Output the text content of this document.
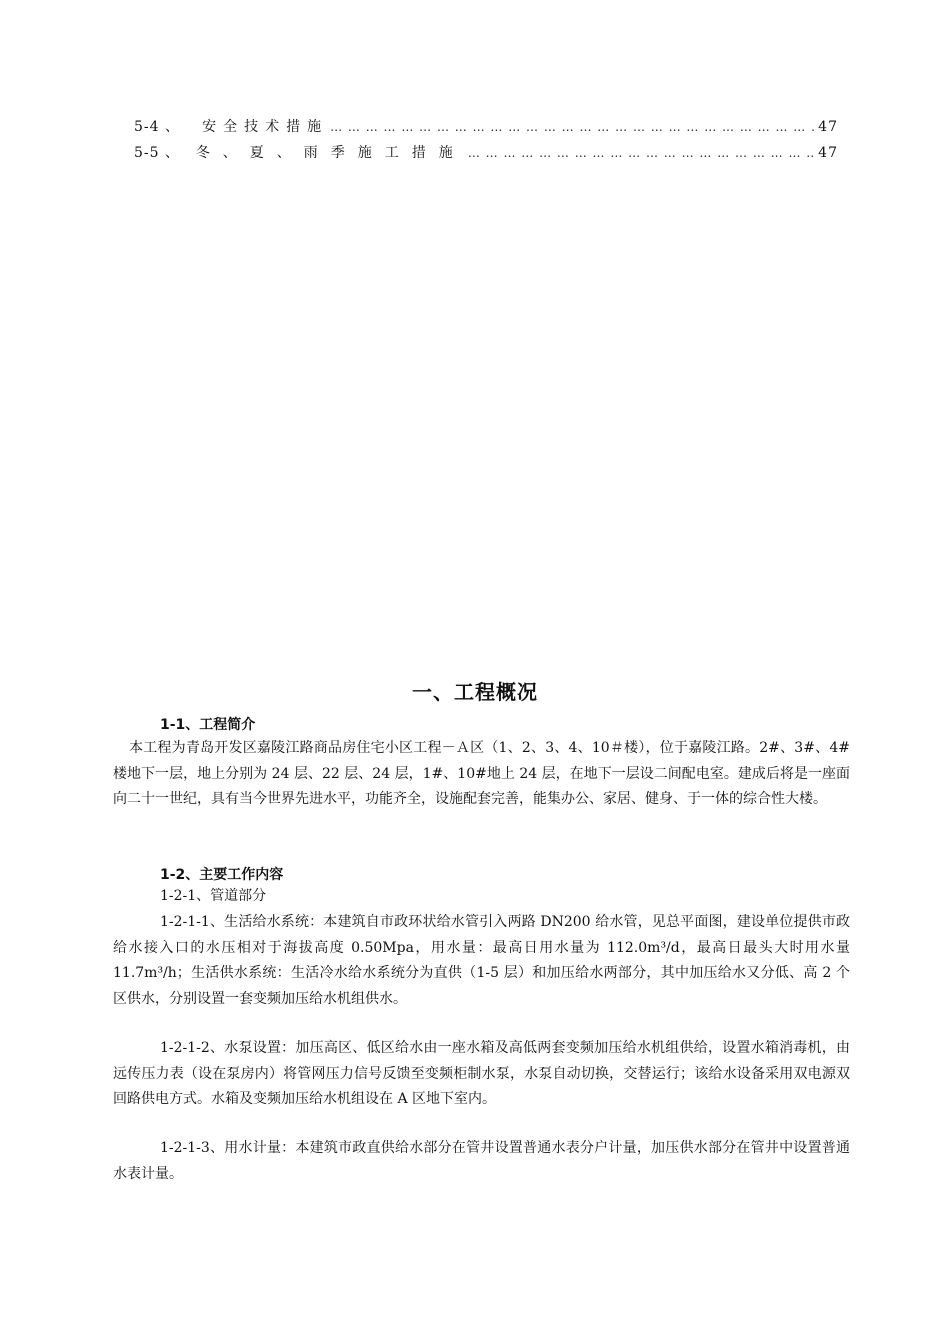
5-4 、 安全技术措施 … … … … … … … … … … … … … … … … … … … … … … … … … … … … … … … … … … … … … … … … … … … … … … …	47
5-5 、 冬、夏、雨季施工措施 … … … … … … … … … … … … … … … … … … … … … … … … … … … … … … … … … … … … … … … … … … … … … … …	47
一、工程概况
1-1、工程简介

本工程为青岛开发区嘉陵江路商品房住宅小区工程－Ａ区（1、2、3、4、10＃楼），位于嘉陵江路。2#、3#、4#楼地下一层，地上分别为 24 层、22 层、24 层，1#、10#地上 24 层，在地下一层设二间配电室。建成后将是一座面向二十一世纪，具有当今世界先进水平，功能齐全，设施配套完善，能集办公、家居、健身、于一体的综合性大楼。

1-2、主要工作内容
1-2-1、管道部分

1-2-1-1、生活给水系统：本建筑自市政环状给水管引入两路 DN200 给水管，见总平面图，建设单位提供市政给水接入口的水压相对于海拔高度 0.50Mpa，用水量：最高日用水量为 112.0m³/d，最高日最头大时用水量 11.7m³/h；生活供水系统：生活冷水给水系统分为直供（1-5 层）和加压给水两部分，其中加压给水又分低、高 2 个区供水，分别设置一套变频加压给水机组供水。

1-2-1-2、水泵设置：加压高区、低区给水由一座水箱及高低两套变频加压给水机组供给，设置水箱消毒机，由远传压力表（设在泵房内）将管网压力信号反馈至变频柜制水泵，水泵自动切换，交替运行；该给水设备采用双电源双回路供电方式。水箱及变频加压给水机组设在 A 区地下室内。

1-2-1-3、用水计量：本建筑市政直供给水部分在管井设置普通水表分户计量，加压供水部分在管井中设置普通水表计量。
